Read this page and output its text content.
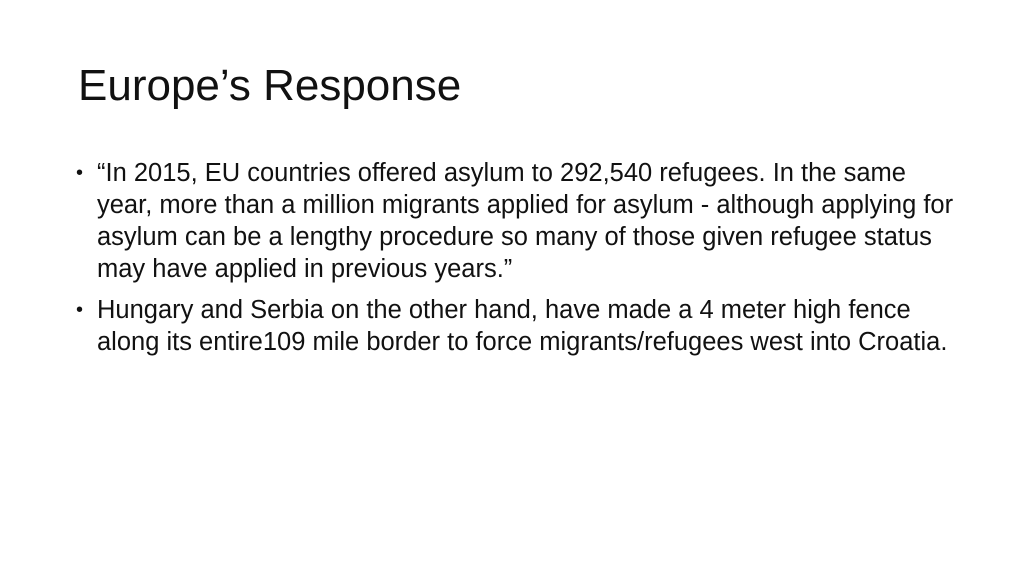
Europe’s Response
• “In 2015, EU countries offered asylum to 292,540 refugees. In the same year, more than a million migrants applied for asylum - although applying for asylum can be a lengthy procedure so many of those given refugee status may have applied in previous years.”
• Hungary and Serbia on the other hand, have made a 4 meter high fence along its entire109 mile border to force migrants/refugees west into Croatia.
